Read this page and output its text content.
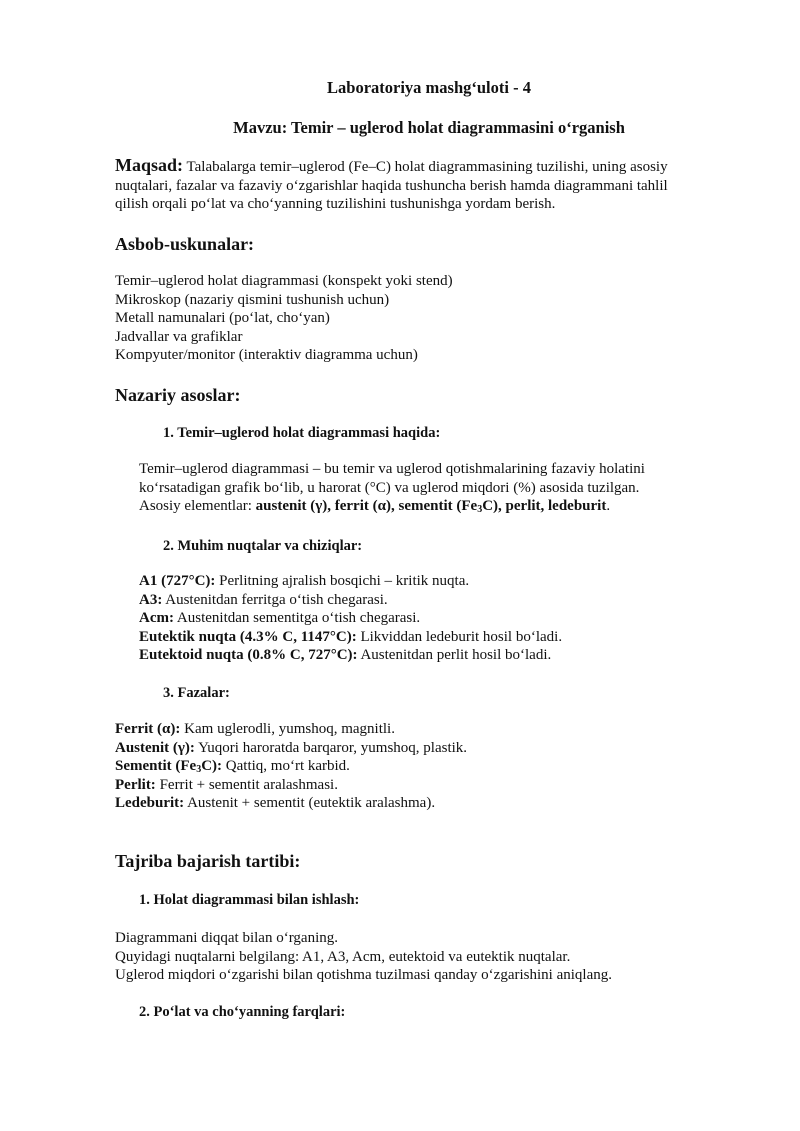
Laboratoriya mashg‘uloti - 4
Mavzu: Temir – uglerod holat diagrammasini o‘rganish
Maqsad: Talabalarga temir–uglerod (Fe–C) holat diagrammasining tuzilishi, uning asosiy
nuqtalari, fazalar va fazaviy o‘zgarishlar haqida tushuncha berish hamda diagrammani tahlil
qilish orqali po‘lat va cho‘yanning tuzilishini tushunishga yordam berish.
Asbob-uskunalar:
Temir–uglerod holat diagrammasi (konspekt yoki stend)
Mikroskop (nazariy qismini tushunish uchun)
Metall namunalari (po‘lat, cho‘yan)
Jadvallar va grafiklar
Kompyuter/monitor (interaktiv diagramma uchun)
Nazariy asoslar:
1. Temir–uglerod holat diagrammasi haqida:
Temir–uglerod diagrammasi – bu temir va uglerod qotishmalarining fazaviy holatini
ko‘rsatadigan grafik bo‘lib, u harorat (°C) va uglerod miqdori (%) asosida tuzilgan.
Asosiy elementlar: austenit (γ), ferrit (α), sementit $(Fe_3C)$, perlit, ledeburit.
2. Muhim nuqtalar va chiziqlar:
A1 (727°C): Perlitning ajralish bosqichi – kritik nuqta.
A3: Austenitdan ferritga o‘tish chegarasi.
Acm: Austenitdan sementitga o‘tish chegarasi.
Eutektik nuqta (4.3% C, 1147°C): Likviddan ledeburit hosil bo‘ladi.
Eutektoid nuqta (0.8% C, 727°C): Austenitdan perlit hosil bo‘ladi.
3. Fazalar:
Ferrit (α): Kam uglerodli, yumshoq, magnitli.
Austenit (γ): Yuqori haroratda barqaror, yumshoq, plastik.
Sementit $(Fe_3C)$: Qattiq, mo‘rt karbid.
Perlit: Ferrit + sementit aralashmasi.
Ledeburit: Austenit + sementit (eutektik aralashma).
Tajriba bajarish tartibi:
1. Holat diagrammasi bilan ishlash:
Diagrammani diqqat bilan o‘rganing.
Quyidagi nuqtalarni belgilang: A1, A3, Acm, eutektoid va eutektik nuqtalar.
Uglerod miqdori o‘zgarishi bilan qotishma tuzilmasi qanday o‘zgarishini aniqlang.
2. Po‘lat va cho‘yanning farqlari:
